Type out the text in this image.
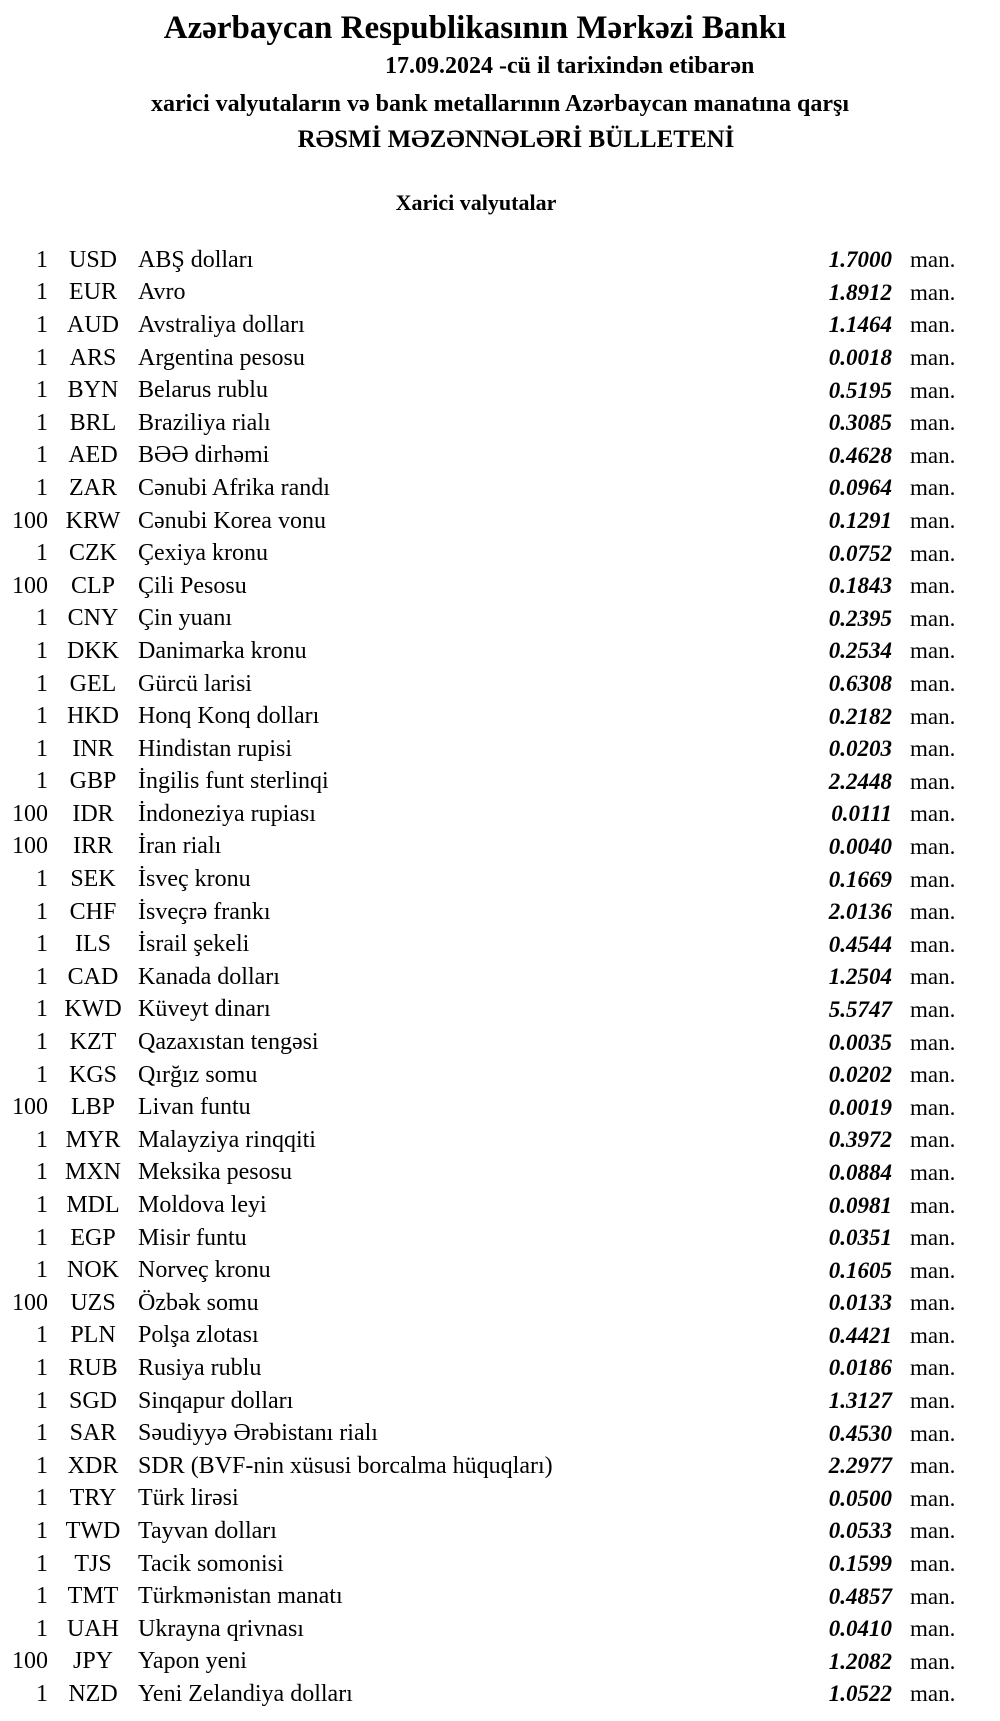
Azərbaycan Respublikasının Mərkəzi Bankı
17.09.2024 -cü il tarixindən etibarən
xarici valyutaların və bank metallarının Azərbaycan manatına qarşı
RƏSMİ MƏZƏNNƏLƏRİ BÜLLETENİ
Xarici valyutalar
1 USD ABŞ dolları	1.7000 man.
1 EUR Avro	1.8912 man.
1 AUD Avstraliya dolları	1.1464 man.
1 ARS Argentina pesosu	0.0018 man.
1 BYN Belarus rublu	0.5195 man.
1 BRL Braziliya rialı	0.3085 man.
1 AED BƏƏ dirhəmi	0.4628 man.
1 ZAR Cənubi Afrika randı	0.0964 man.
100 KRW Cənubi Korea vonu	0.1291 man.
1 CZK Çexiya kronu	0.0752 man.
100 CLP Çili Pesosu	0.1843 man.
1 CNY Çin yuanı	0.2395 man.
1 DKK Danimarka kronu	0.2534 man.
1 GEL Gürcü larisi	0.6308 man.
1 HKD Honq Konq dolları	0.2182 man.
1	INR	Hindistan rupisi	0.0203 man.
1 GBP İngilis funt sterlinqi	2.2448 man.
100	IDR	İndoneziya rupiası	0.0111 man.
100	IRR	İran rialı	0.0040 man.
1 SEK İsveç kronu	0.1669 man.
1 CHF İsveçrə frankı	2.0136 man.
1	ILS	İsrail şekeli	0.4544 man.
1 CAD Kanada dolları	1.2504 man.
1 KWD Küveyt dinarı	5.5747 man.
1 KZT Qazaxıstan tengəsi	0.0035 man.
1 KGS Qırğız somu	0.0202 man.
100 LBP Livan funtu	0.0019 man.
1 MYR Malayziya rinqqiti	0.3972 man.
1 MXN Meksika pesosu	0.0884 man.
1 MDL Moldova leyi	0.0981 man.
1 EGP Misir funtu	0.0351 man.
1 NOK Norveç kronu	0.1605 man.
100 UZS Özbək somu	0.0133 man.
1 PLN Polşa zlotası	0.4421 man.
1 RUB Rusiya rublu	0.0186 man.
1 SGD Sinqapur dolları	1.3127 man.
1 SAR Səudiyyə Ərəbistanı rialı	0.4530 man.
1 XDR SDR (BVF-nin xüsusi borcalma hüquqları)	2.2977 man.
1 TRY Türk lirəsi	0.0500 man.
1 TWD Tayvan dolları	0.0533 man.
1	TJS	Tacik somonisi	0.1599 man.
1 TMT Türkmənistan manatı	0.4857 man.
1 UAH Ukrayna qrivnası	0.0410 man.
100	JPY	Yapon yeni	1.2082 man.
1 NZD Yeni Zelandiya dolları	1.0522 man.
